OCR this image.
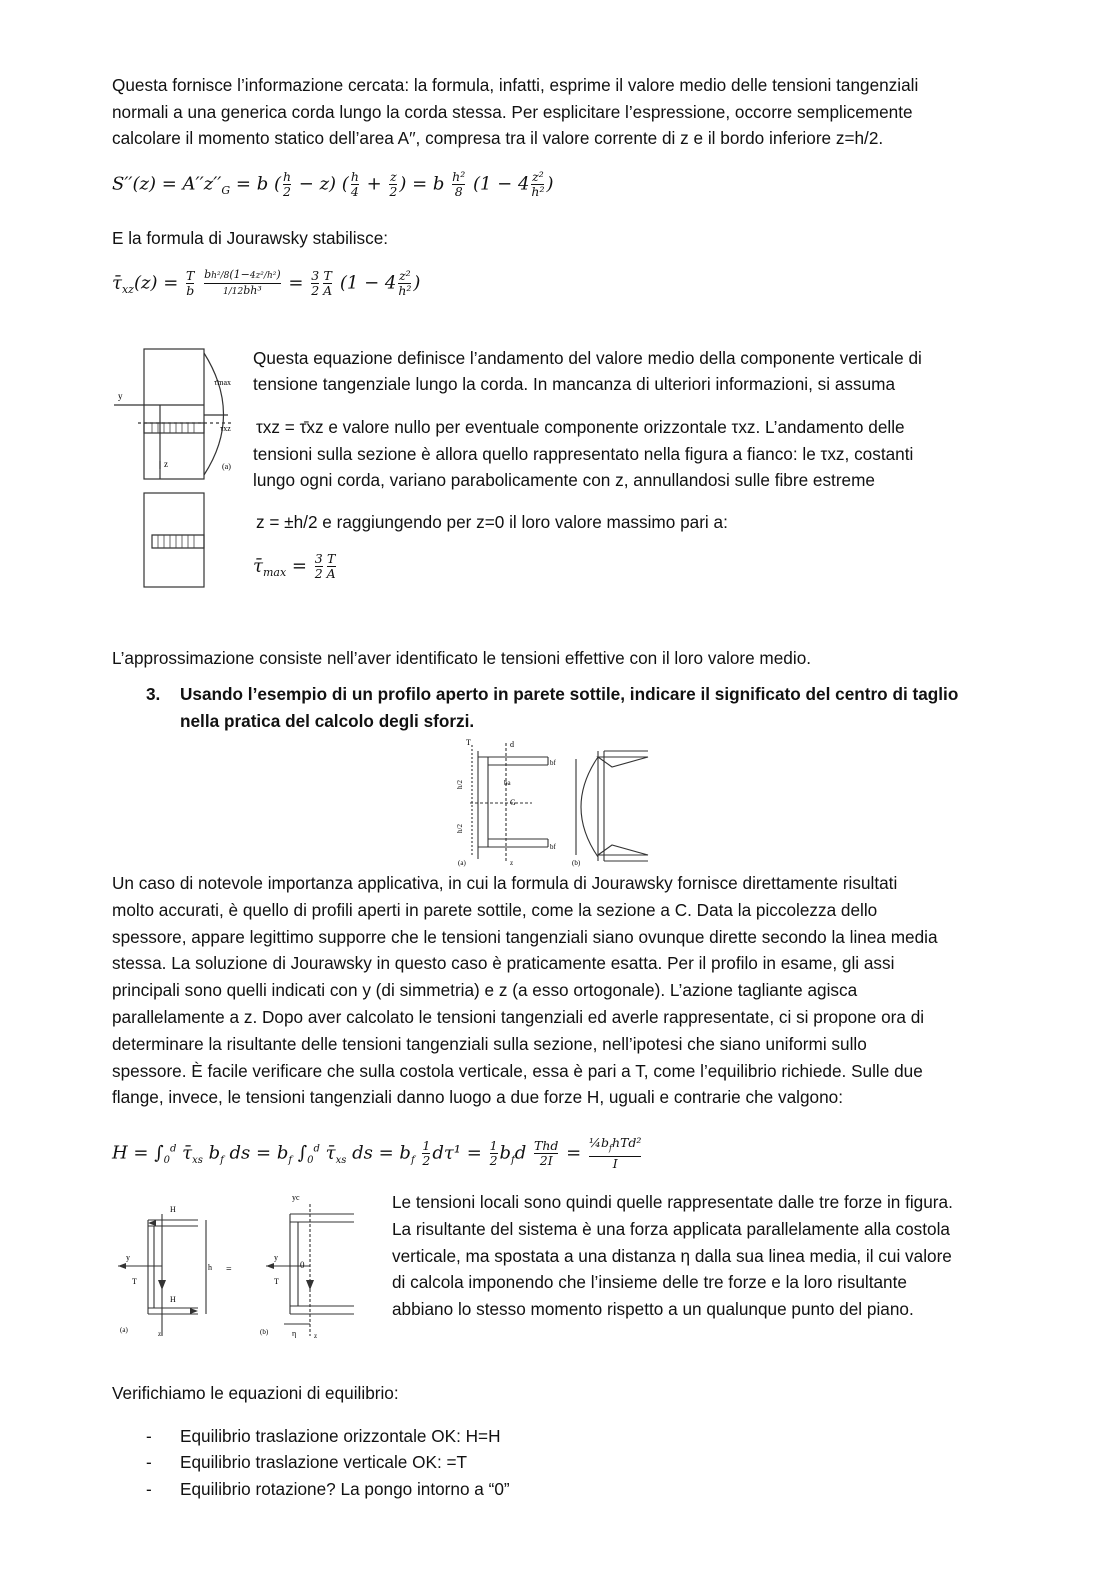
Questa fornisce l’informazione cercata: la formula, infatti, esprime il valore medio delle tensioni tangenziali
normali a una generica corda lungo la corda stessa. Per esplicitare l’espressione, occorre semplicemente
calcolare il momento statico dell’area A′′, compresa tra il valore corrente di z e il bordo inferiore z=h/2.
$S''(z) = A''z''_G = b$ ( $\frac{h}{2} - z$) ( $\frac{h}{4} + \frac{z}{2}$ ) = b $\frac{\text{h²}}{8} (1 - 4 \frac{\text{z²}}{\text{h²}}$ )
E la formula di Jourawsky stabilisce:
$\taū_{xz}(z) = \frac{T}{b}$
$\frac{\text{bh²/8(1−4z²/h²)}}{\text{1/12bh³}} = \frac{3}{2} \frac{T}{A} (1 - 4 \frac{\text{z²}}{\text{h²}}$ )
y
z
τ̄max
τxz
(a)
Questa equazione definisce l’andamento del valore medio della componente verticale di
tensione tangenziale lungo la corda. In mancanza di ulteriori informazioni, si assuma
τxz = τ̄xz e valore nullo per eventuale componente orizzontale τxz. L’andamento delle
tensioni sulla sezione è allora quello rappresentato nella figura a fianco: le τxz, costanti
lungo ogni corda, variano parabolicamente con z, annullandosi sulle fibre estreme
z = ±h/2 e raggiungendo per z=0 il loro valore massimo pari a:
$\taū_{max} = \frac{3}{2} \frac{T}{A}$
L’approssimazione consiste nell’aver identificato le tensioni effettive con il loro valore medio.
3. Usando l’esempio di un profilo aperto in parete sottile, indicare il significato del centro di taglio
nella pratica del calcolo degli sforzi.
T	d
bf
ba
G
h/2
h/2
bf
(a)	(b)
z
Un caso di notevole importanza applicativa, in cui la formula di Jourawsky fornisce direttamente risultati
molto accurati, è quello di profili aperti in parete sottile, come la sezione a C. Data la piccolezza dello
spessore, appare legittimo supporre che le tensioni tangenziali siano ovunque dirette secondo la linea media
stessa. La soluzione di Jourawsky in questo caso è praticamente esatta. Per il profilo in esame, gli assi
principali sono quelli indicati con y (di simmetria) e z (a esso ortogonale). L’azione tagliante agisca
parallelamente a z. Dopo aver calcolato le tensioni tangenziali ed averle rappresentate, ci si propone ora di
determinare la risultante delle tensioni tangenziali sulla sezione, nell’ipotesi che siano uniformi sullo
spessore. È facile verificare che sulla costola verticale, essa è pari a T, come l’equilibrio richiede. Sulle due
flange, invece, le tensioni tangenziali danno luogo a due forze H, uguali e contrarie che valgono:
$H = \int_0^d$ $\taū_{xs}$ $b_f$ ds = $b_f$ $\int_0^d$ $\taū_{xs}$ ds = $b_f \frac{1}{2} d\tau^1 = \frac{1}{2} b_fd \frac{\text{Thd}}{2I} = \frac{\frac{1}{4}b_fhTd^2}{I}$
H
H
y
T
h =
(a)	z
yc
y
T
0
(b)	η	z
Le tensioni locali sono quindi quelle rappresentate dalle tre forze in figura.
La risultante del sistema è una forza applicata parallelamente alla costola
verticale, ma spostata a una distanza η dalla sua linea media, il cui valore
di calcola imponendo che l’insieme delle tre forze e la loro risultante
abbiano lo stesso momento rispetto a un qualunque punto del piano.
Verifichiamo le equazioni di equilibrio:
- Equilibrio traslazione orizzontale OK: H=H
- Equilibrio traslazione verticale OK: =T
- Equilibrio rotazione? La pongo intorno a “0”
